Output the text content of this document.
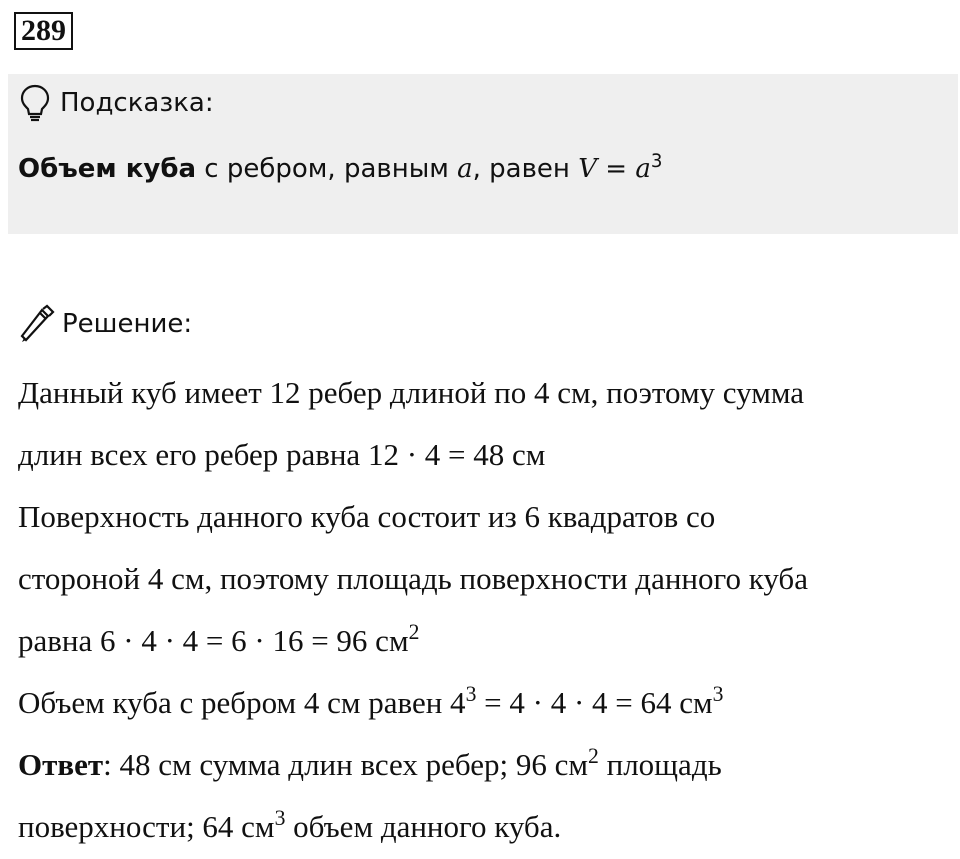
289
Подсказка:
Объем куба с ребром, равным a, равен $V = a^3$
Решение:
Данный куб имеет 12 ребер длиной по 4 см, поэтому сумма
длин всех его ребер равна 12 · 4 = 48 см
Поверхность данного куба состоит из 6 квадратов со
стороной 4 см, поэтому площадь поверхности данного куба
равна 6 · 4 · 4 = 6 · 16 = 96 $см^2$
Объем куба с ребром 4 см равен $4^3 = 4 \cdot 4 \cdot 4 = 64$ $см^3$
Ответ: 48 см сумма длин всех ребер; 96 $см^2$ площадь
поверхности; 64 $см^3$ объем данного куба.
